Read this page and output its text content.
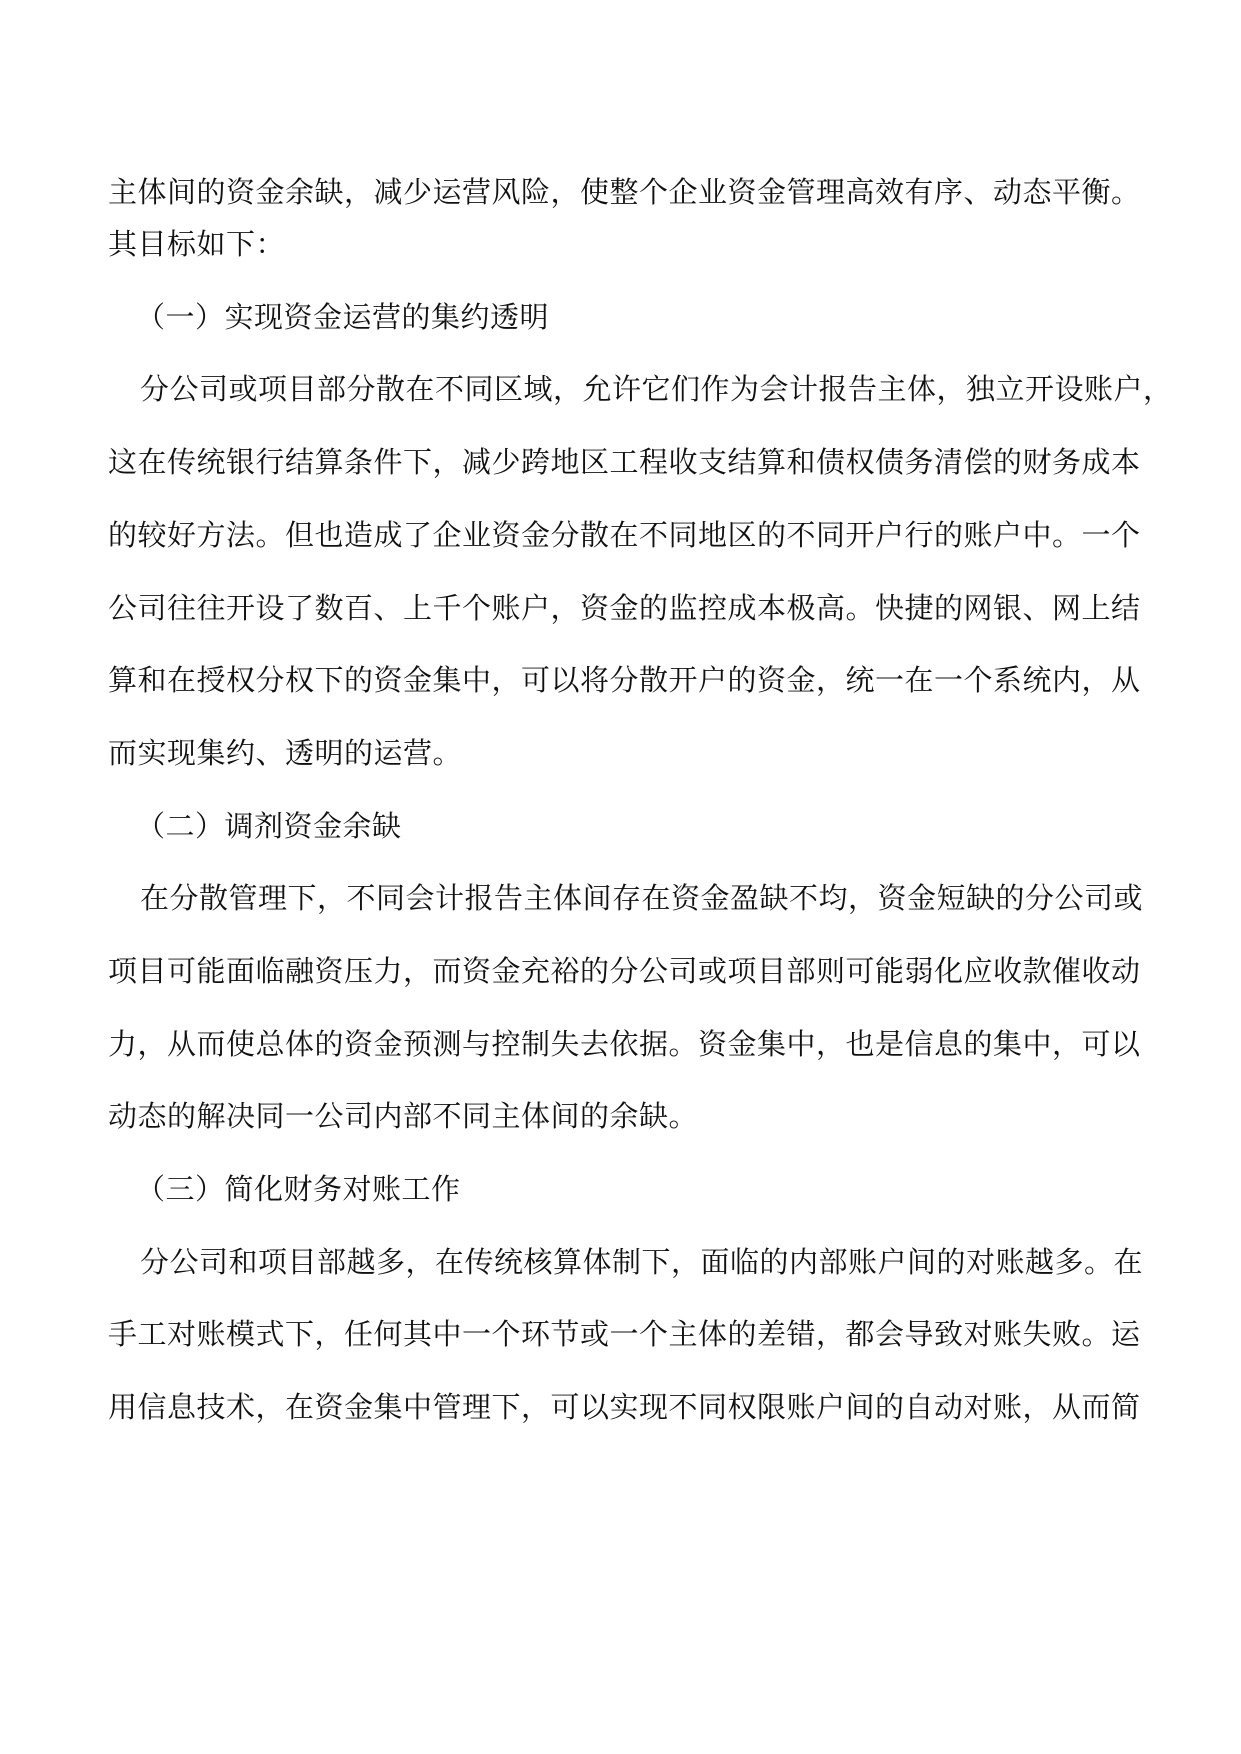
主体间的资金余缺，减少运营风险，使整个企业资金管理高效有序、动态平衡。
其目标如下：
（一）实现资金运营的集约透明
分公司或项目部分散在不同区域，允许它们作为会计报告主体，独立开设账户，
这在传统银行结算条件下，减少跨地区工程收支结算和债权债务清偿的财务成本
的较好方法。但也造成了企业资金分散在不同地区的不同开户行的账户中。一个
公司往往开设了数百、上千个账户，资金的监控成本极高。快捷的网银、网上结
算和在授权分权下的资金集中，可以将分散开户的资金，统一在一个系统内，从
而实现集约、透明的运营。
（二）调剂资金余缺
在分散管理下，不同会计报告主体间存在资金盈缺不均，资金短缺的分公司或
项目可能面临融资压力，而资金充裕的分公司或项目部则可能弱化应收款催收动
力，从而使总体的资金预测与控制失去依据。资金集中，也是信息的集中，可以
动态的解决同一公司内部不同主体间的余缺。
（三）简化财务对账工作
分公司和项目部越多，在传统核算体制下，面临的内部账户间的对账越多。在
手工对账模式下，任何其中一个环节或一个主体的差错，都会导致对账失败。运
用信息技术，在资金集中管理下，可以实现不同权限账户间的自动对账，从而简
